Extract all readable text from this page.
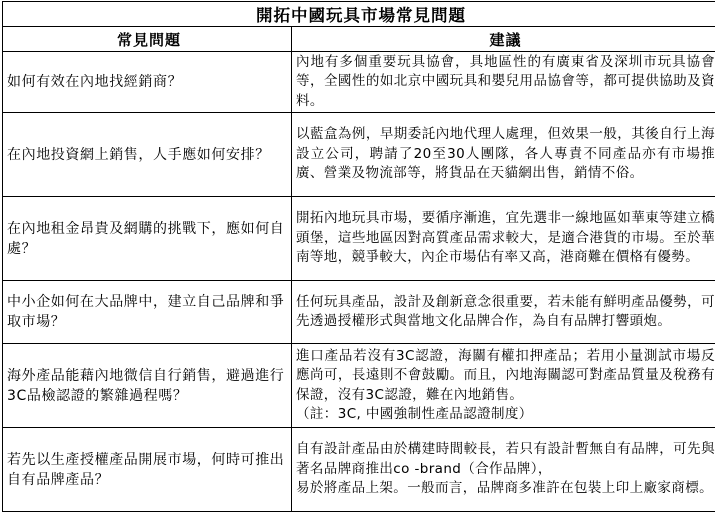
開拓中國玩具市場常見問題	
常見問題	建議
如何有效在內地找經銷商？	內地有多個重要玩具協會，具地區性的有廣東省及深圳市玩具協會等，全國性的如北京中國玩具和嬰兒用品協會等，都可提供協助及資料。

在內地投資網上銷售，人手應如何安排？	以藍盒為例，早期委託內地代理人處理，但效果一般，其後自行上海設立公司，聘請了20至30人團隊，各人專責不同產品亦有市場推廣、營業及物流部等，將貨品在天貓網出售，銷情不俗。

在內地租金昂貴及網購的挑戰下，應如何自處？	開拓內地玩具市場，要循序漸進，宜先選非一線地區如華東等建立橋頭堡，這些地區因對高質產品需求較大，是適合港貨的市場。至於華南等地，競爭較大，內企市場佔有率又高，港商難在價格有優勢。

中小企如何在大品牌中，建立自己品牌和爭取市場？	任何玩具產品，設計及創新意念很重要，若未能有鮮明產品優勢，可先透過授權形式與當地文化品牌合作，為自有品牌打響頭炮。

海外產品能藉內地微信自行銷售，避過進行3C品檢認證的繁雜過程嗎？	進口產品若沒有3C認證，海關有權扣押產品；若用小量測試市場反應尚可，長遠則不會鼓勵。而且，內地海關認可對產品質量及稅務有保證，沒有3C認證，難在內地銷售。
（註：3C, 中國強制性產品認證制度）

若先以生產授權產品開展市場，何時可推出自有品牌產品？	自有設計產品由於構建時間較長，若只有設計暫無自有品牌，可先與著名品牌商推出co -brand（合作品牌），
易於將產品上架。一般而言，品牌商多准許在包裝上印上廠家商標。
